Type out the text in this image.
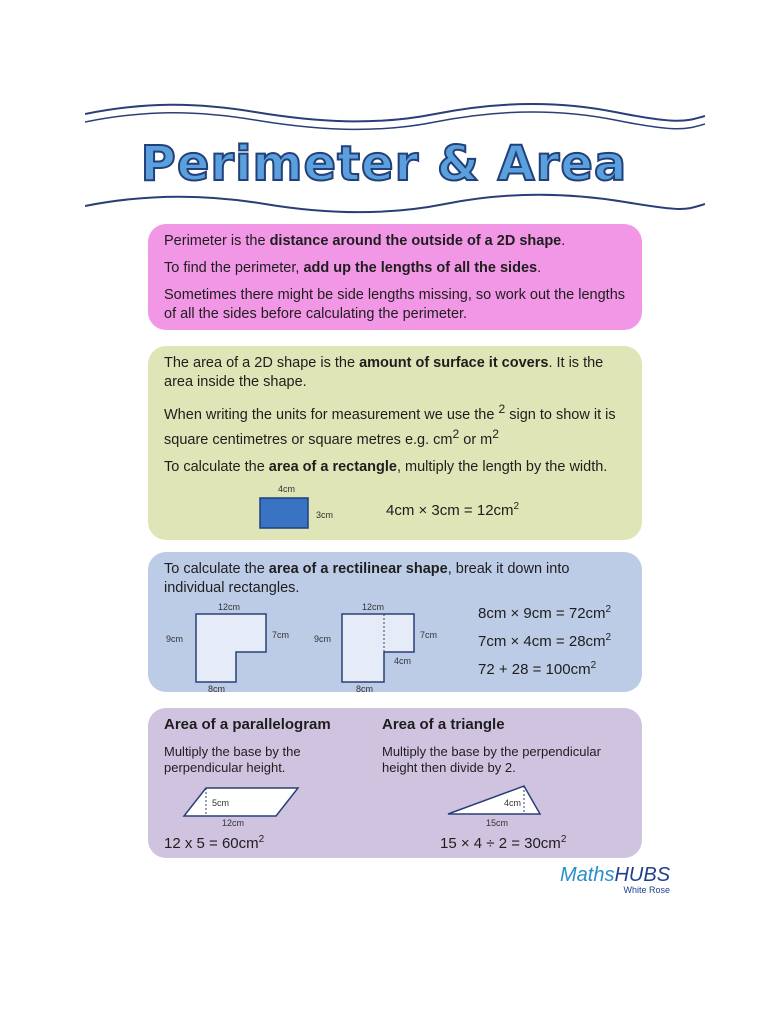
Perimeter & Area

Perimeter is the distance around the outside of a 2D shape.

To find the perimeter, add up the lengths of all the sides.

Sometimes there might be side lengths missing, so work out the lengths of all the sides before calculating the perimeter.

The area of a 2D shape is the amount of surface it covers. It is the area inside the shape.

When writing the units for measurement we use the $^2$ sign to show it is square centimetres or square metres e.g. $cm^2$ or $m^2$

To calculate the area of a rectangle, multiply the length by the width.

4cm
3cm	$4cm \times 3cm = 12cm^2$

To calculate the area of a rectilinear shape, break it down into individual rectangles.

12cm
9cm	7cm
8cm
12cm
9cm	7cm
4cm
8cm
$8cm \times 9cm = 72cm^2$
$7cm \times 4cm = 28cm^2$
$72 + 28 = 100cm^2$
Area of a parallelogram
Multiply the base by the perpendicular height.
5cm
12cm
12 x $5 = 60cm^2$
Area of a triangle
Multiply the base by the perpendicular height then divide by 2.
4cm
15cm
$15 \times 4 \div 2 = 30cm^2$
MathsHUBS
White Rose
